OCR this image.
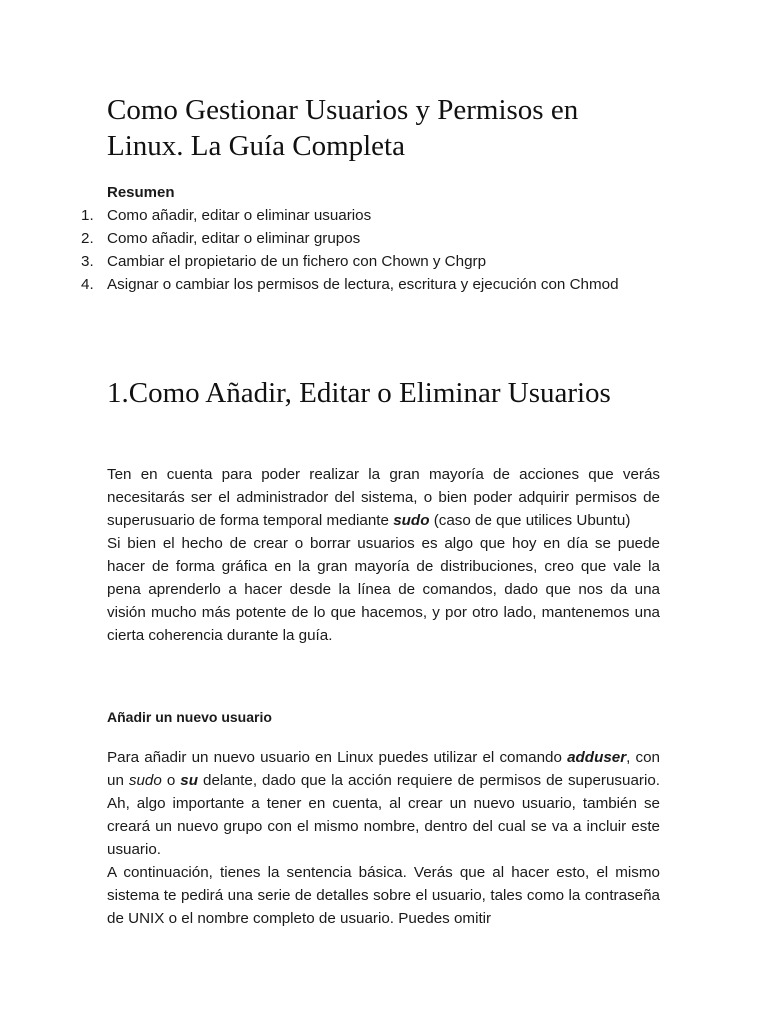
Como Gestionar Usuarios y Permisos en Linux. La Guía Completa
Resumen
1. Como añadir, editar o eliminar usuarios
2. Como añadir, editar o eliminar grupos
3. Cambiar el propietario de un fichero con Chown y Chgrp
4. Asignar o cambiar los permisos de lectura, escritura y ejecución con Chmod
1.Como Añadir, Editar o Eliminar Usuarios

Ten en cuenta para poder realizar la gran mayoría de acciones que verás necesitarás ser el administrador del sistema, o bien poder adquirir permisos de superusuario de forma temporal mediante sudo (caso de que utilices Ubuntu)

Si bien el hecho de crear o borrar usuarios es algo que hoy en día se puede hacer de forma gráfica en la gran mayoría de distribuciones, creo que vale la pena aprenderlo a hacer desde la línea de comandos, dado que nos da una visión mucho más potente de lo que hacemos, y por otro lado, mantenemos una cierta coherencia durante la guía.

Añadir un nuevo usuario

Para añadir un nuevo usuario en Linux puedes utilizar el comando adduser, con un sudo o su delante, dado que la acción requiere de permisos de superusuario. Ah, algo importante a tener en cuenta, al crear un nuevo usuario, también se creará un nuevo grupo con el mismo nombre, dentro del cual se va a incluir este usuario.

A continuación, tienes la sentencia básica. Verás que al hacer esto, el mismo sistema te pedirá una serie de detalles sobre el usuario, tales como la contraseña de UNIX o el nombre completo de usuario. Puedes omitir
